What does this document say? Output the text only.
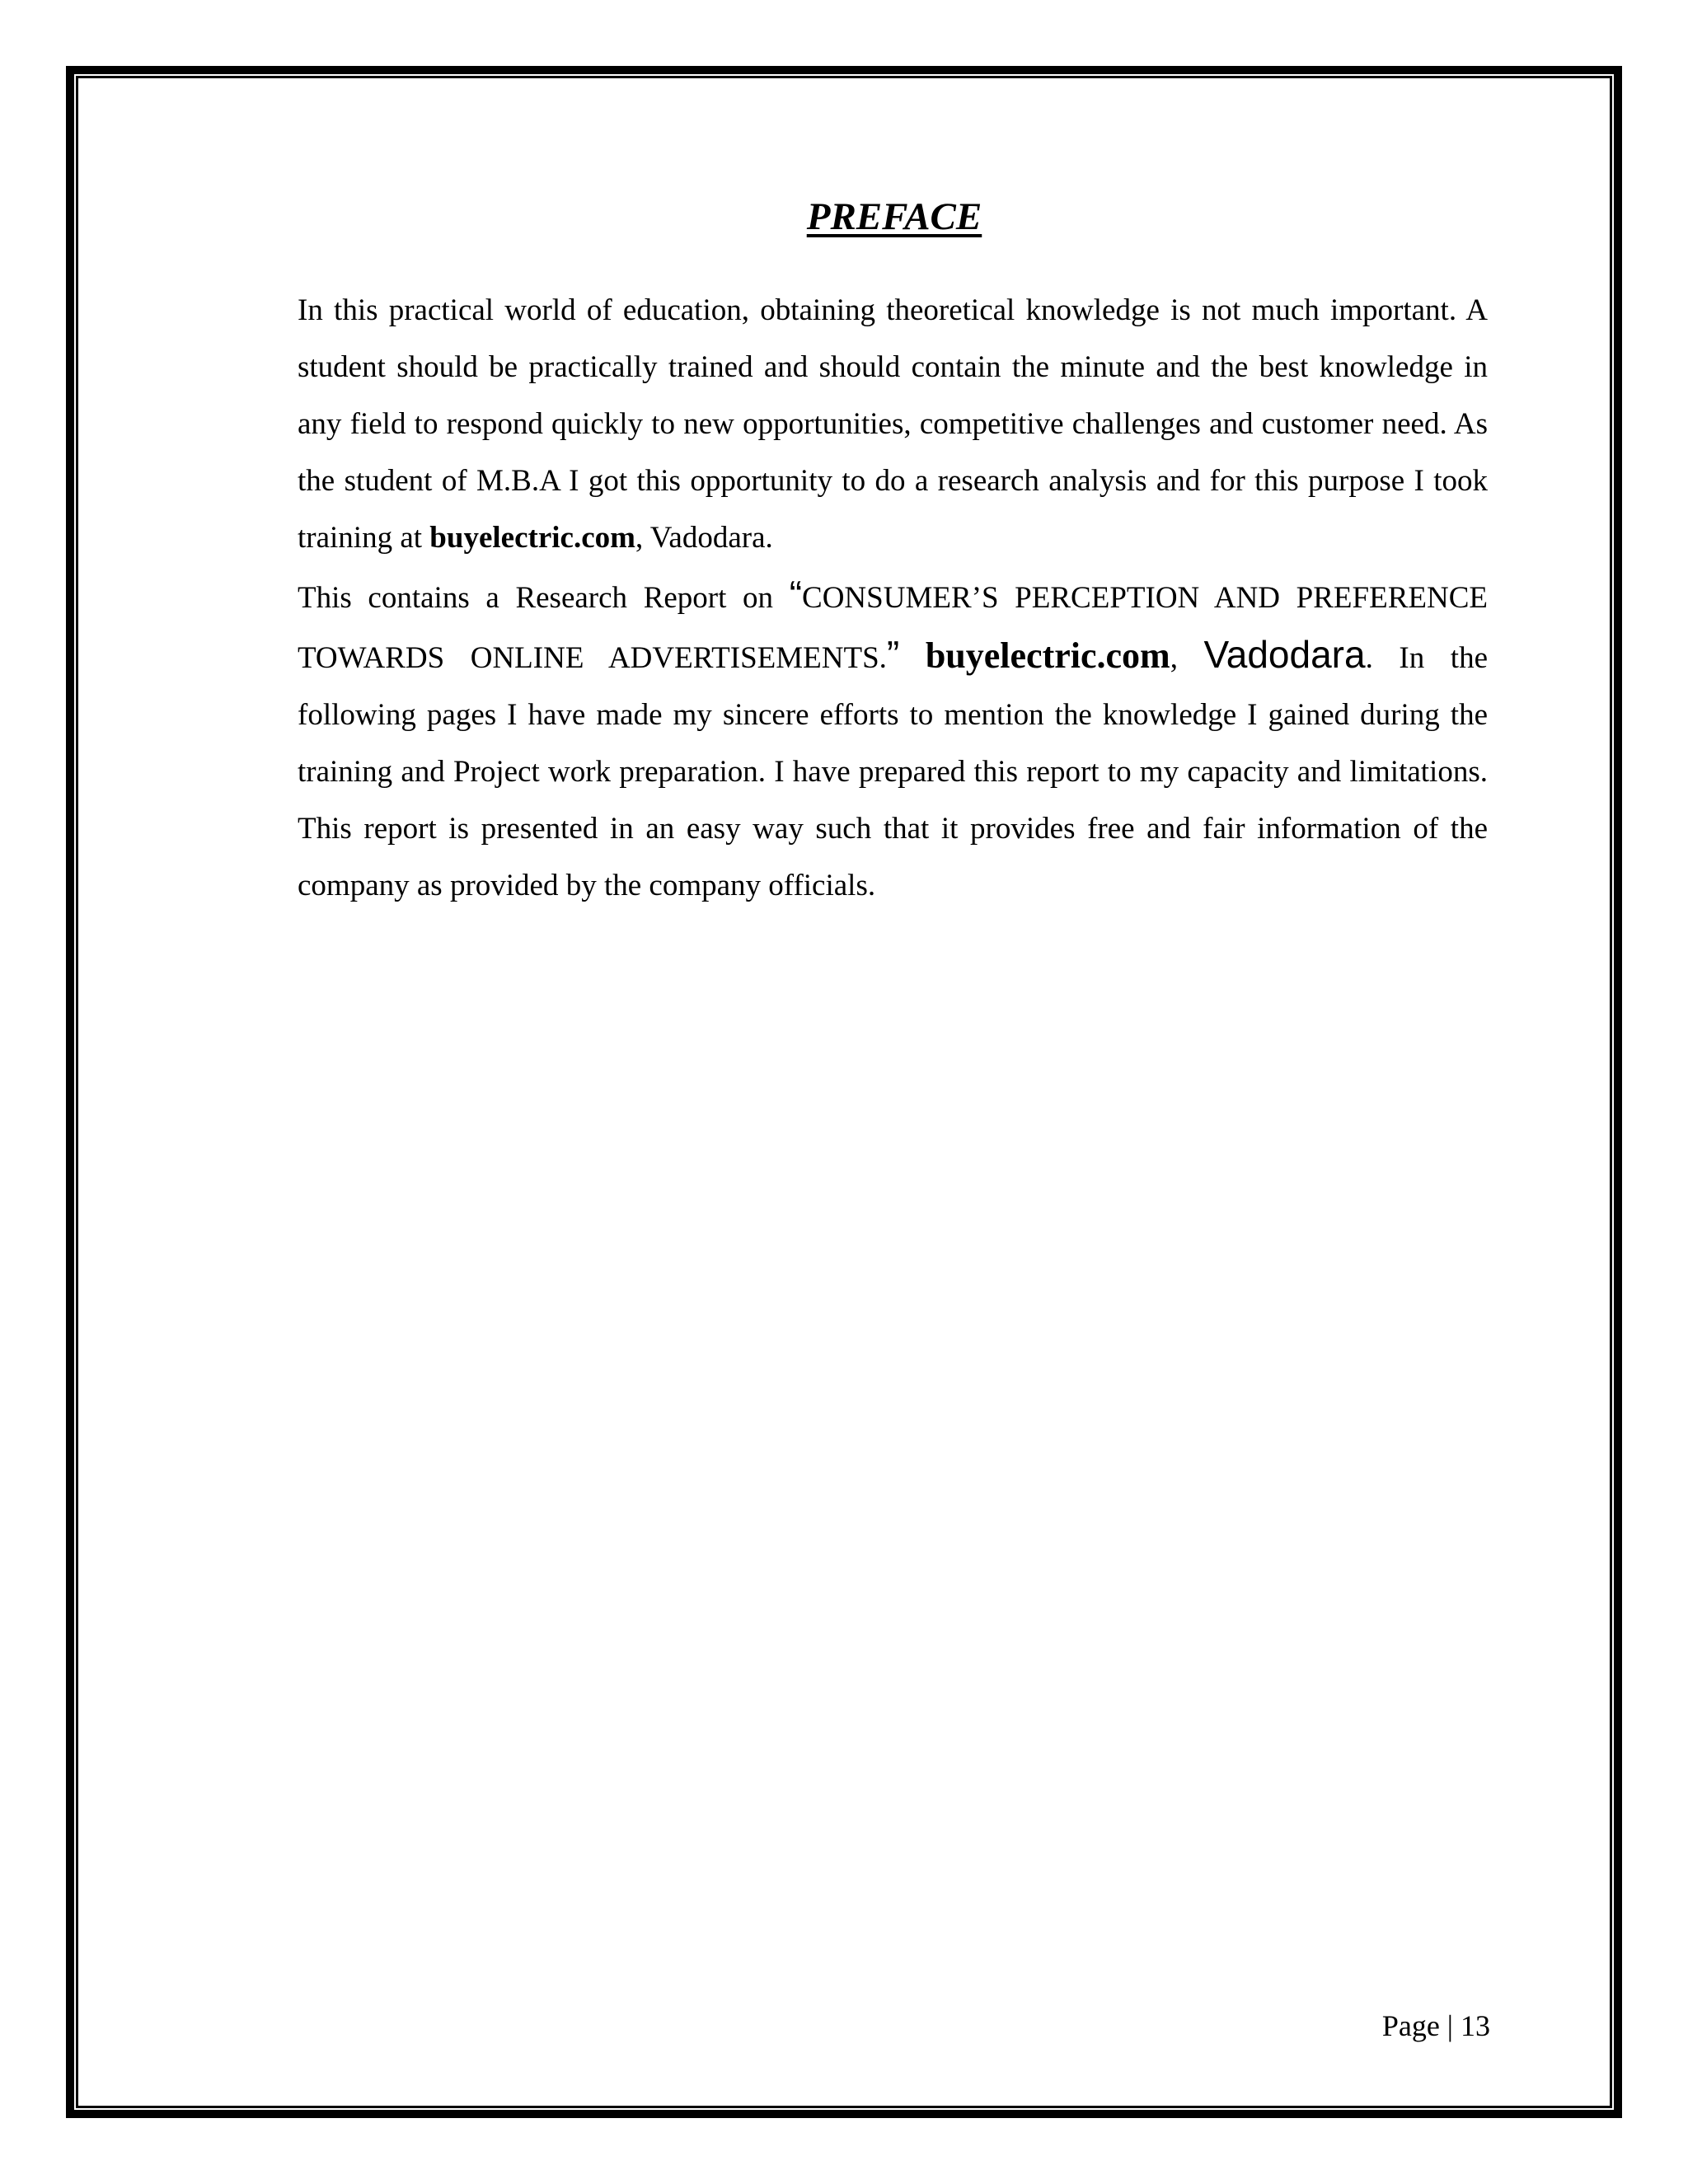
PREFACE

In this practical world of education, obtaining theoretical knowledge is not much important. A student should be practically trained and should contain the minute and the best knowledge in any field to respond quickly to new opportunities, competitive challenges and customer need. As the student of M.B.A I got this opportunity to do a research analysis and for this purpose I took training at buyelectric.com, Vadodara.

This contains a Research Report on “CONSUMER’S PERCEPTION AND PREFERENCE TOWARDS ONLINE ADVERTISEMENTS.” buyelectric.com, Vadodara. In the following pages I have made my sincere efforts to mention the knowledge I gained during the training and Project work preparation. I have prepared this report to my capacity and limitations. This report is presented in an easy way such that it provides free and fair information of the company as provided by the company officials.

Page | 13
